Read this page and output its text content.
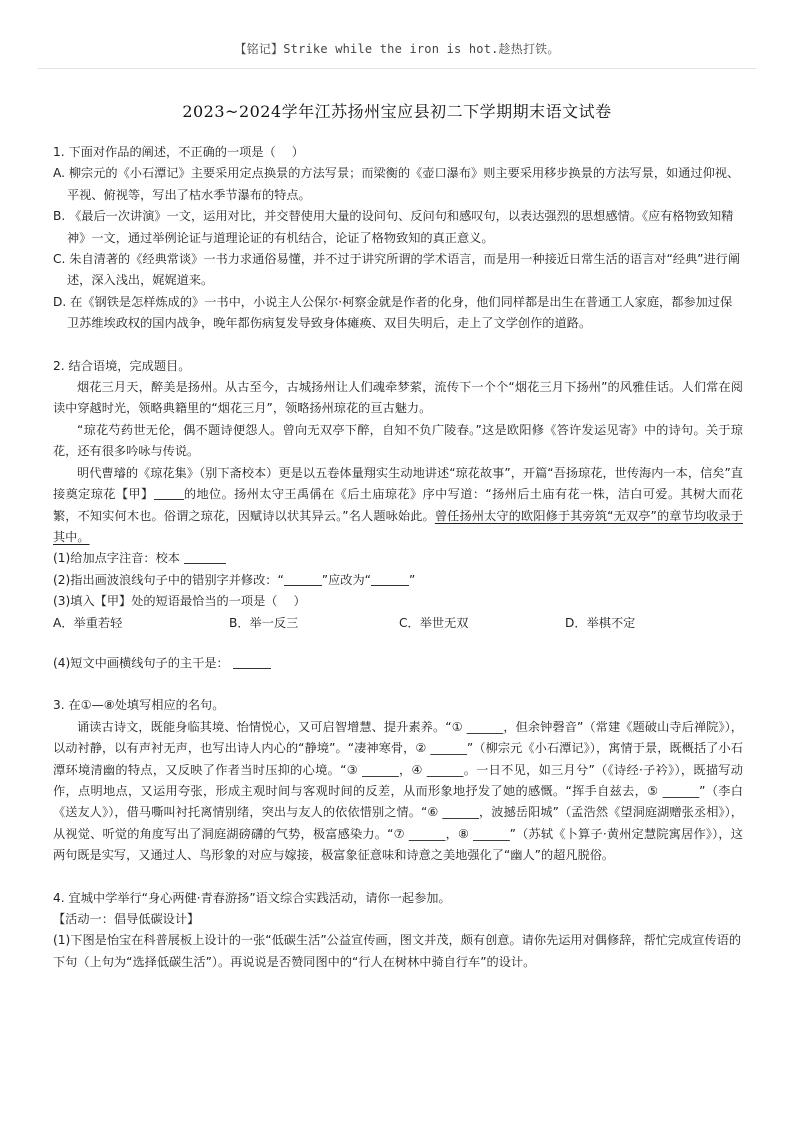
【铭记】Strike while the iron is hot.趁热打铁。
2023~2024学年江苏扬州宝应县初二下学期期末语文试卷

1. 下面对作品的阐述，不正确的一项是（　 ）

A. 柳宗元的《小石潭记》主要采用定点换景的方法写景；而梁衡的《壶口瀑布》则主要采用移步换景的方法写景，如通过仰视、平视、俯视等，写出了枯水季节瀑布的特点。

B. 《最后一次讲演》一文，运用对比，并交替使用大量的设问句、反问句和感叹句，以表达强烈的思想感情。《应有格物致知精神》一文，通过举例论证与道理论证的有机结合，论证了格物致知的真正意义。

C. 朱自清著的《经典常谈》一书力求通俗易懂，并不过于讲究所谓的学术语言，而是用一种接近日常生活的语言对“经典”进行阐述，深入浅出，娓娓道来。

D. 在《钢铁是怎样炼成的》一书中，小说主人公保尔·柯察金就是作者的化身，他们同样都是出生在普通工人家庭，都参加过保卫苏维埃政权的国内战争，晚年都伤病复发导致身体瘫痪、双目失明后，走上了文学创作的道路。

2. 结合语境，完成题目。

烟花三月天，醉美是扬州。从古至今，古城扬州让人们魂牵梦萦，流传下一个个“烟花三月下扬州”的风雅佳话。人们常在阅读中穿越时光，领略典籍里的“烟花三月”，领略扬州琼花的亘古魅力。

“琼花芍药世无伦，偶不题诗便怨人。曾向无双亭下醉，自知不负广陵春。”这是欧阳修《答许发运见寄》中的诗句。关于琼花，还有很多吟咏与传说。

明代曹璿的《琼花集》（别下斋校本）更是以五卷体量翔实生动地讲述“琼花故事”，开篇“吾扬琼花，世传海内一本，信矣”直接奠定琼花【甲】 的地位。扬州太守王禹偁在《后土庙琼花》序中写道：“扬州后土庙有花一株，洁白可爱。其树大而花繁，不知实何木也。俗谓之琼花，因赋诗以状其异云。”名人题咏始此。曾任扬州太守的欧阳修于其旁筑“无双亭”的章节均收录于其中。

(1)给加点字注音：校本

(2)指出画波浪线句子中的错别字并修改：“	”应改为“	”

(3)填入【甲】处的短语最恰当的一项是（　 ）

A．举重若轻	B．举一反三	C．举世无双	D．举棋不定

(4)短文中画横线句子的主干是：

3. 在①—⑧处填写相应的名句。

诵读古诗文，既能身临其境、怡情悦心，又可启智增慧、提升素养。“① ______，但余钟磬音”（常建《题破山寺后禅院》），以动衬静，以有声衬无声，也写出诗人内心的“静境”。“凄神寒骨，② ______”（柳宗元《小石潭记》），寓情于景，既概括了小石潭环境清幽的特点，又反映了作者当时压抑的心境。“③ ______，④ ______。一日不见，如三月兮”（《诗经·子衿》），既描写动作，点明地点，又运用夸张，形成主观时间与客观时间的反差，从而形象地抒发了她的感慨。“挥手自兹去，⑤ ______”（李白《送友人》），借马嘶叫衬托离情别绪，突出与友人的依依惜别之情。“⑥ ______，波撼岳阳城”（孟浩然《望洞庭湖赠张丞相》），从视觉、听觉的角度写出了洞庭湖磅礴的气势，极富感染力。“⑦ ______，⑧ ______”（苏轼《卜算子·黄州定慧院寓居作》），这两句既是实写，又通过人、鸟形象的对应与嫁接，极富象征意味和诗意之美地强化了“幽人”的超凡脱俗。

4. 宜城中学举行“身心两健·青春游扬”语文综合实践活动，请你一起参加。

【活动一：倡导低碳设计】

(1)下图是怡宝在科普展板上设计的一张“低碳生活”公益宣传画，图文并茂，颇有创意。请你先运用对偶修辞，帮忙完成宣传语的下句（上句为“选择低碳生活”）。再说说是否赞同图中的“行人在树林中骑自行车”的设计。
